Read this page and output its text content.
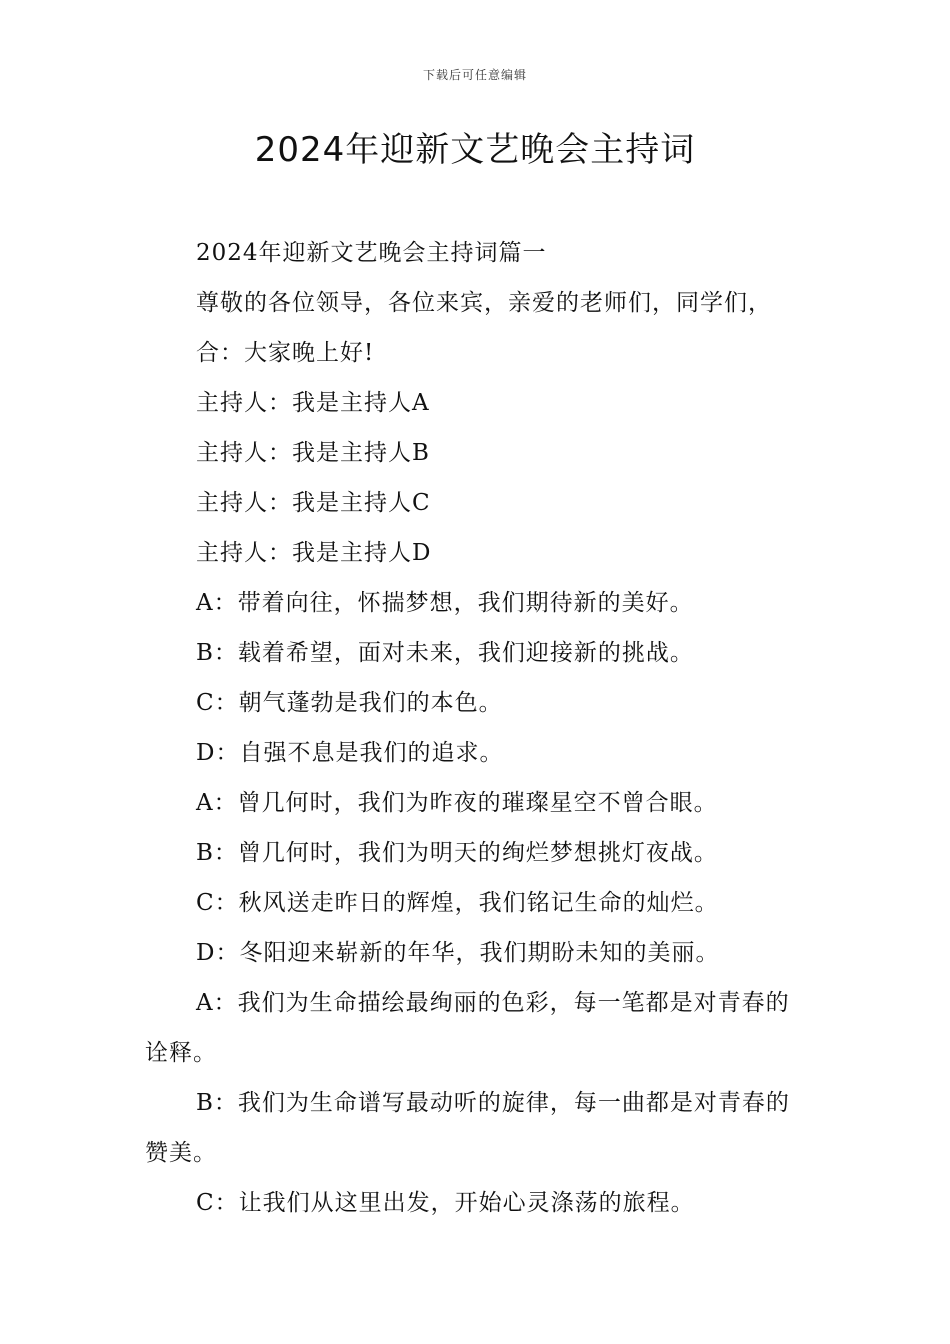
下载后可任意编辑
2024年迎新文艺晚会主持词

2024年迎新文艺晚会主持词篇一

尊敬的各位领导，各位来宾，亲爱的老师们，同学们，

合：大家晚上好!

主持人：我是主持人A

主持人：我是主持人B

主持人：我是主持人C

主持人：我是主持人D

A：带着向往，怀揣梦想，我们期待新的美好。

B：载着希望，面对未来，我们迎接新的挑战。

C：朝气蓬勃是我们的本色。

D：自强不息是我们的追求。

A：曾几何时，我们为昨夜的璀璨星空不曾合眼。

B：曾几何时，我们为明天的绚烂梦想挑灯夜战。

C：秋风送走昨日的辉煌，我们铭记生命的灿烂。

D：冬阳迎来崭新的年华，我们期盼未知的美丽。

A：我们为生命描绘最绚丽的色彩，每一笔都是对青春的诠释。

B：我们为生命谱写最动听的旋律，每一曲都是对青春的赞美。

C：让我们从这里出发，开始心灵涤荡的旅程。
